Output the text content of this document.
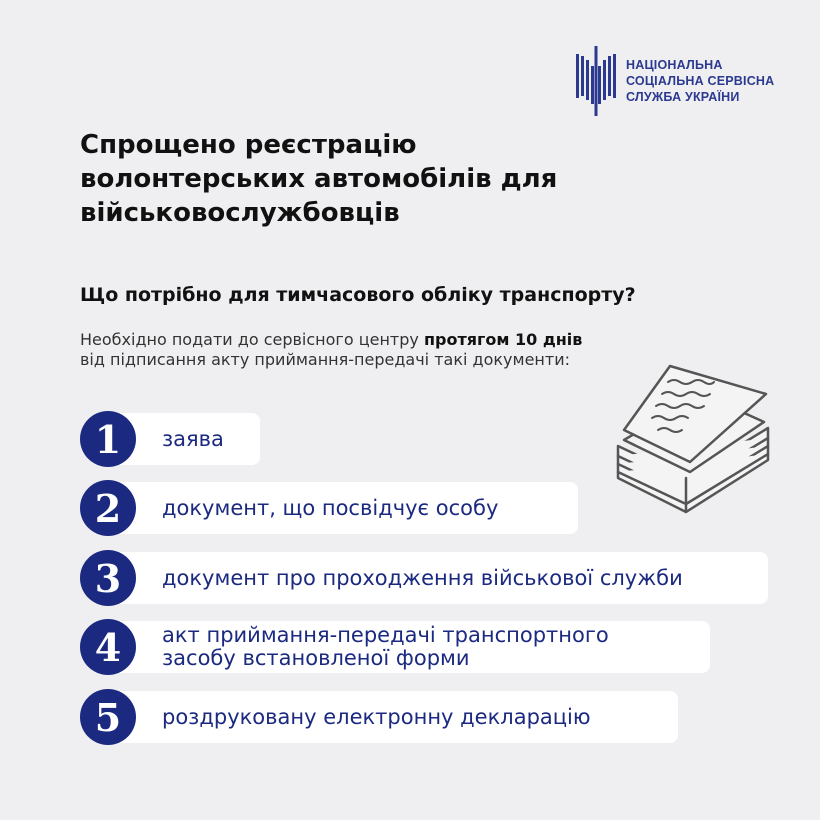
НАЦІОНАЛЬНА
СОЦІАЛЬНА СЕРВІСНА
СЛУЖБА УКРАЇНИ
Спрощено реєстрацію волонтерських автомобілів для військовослужбовців
Що потрібно для тимчасового обліку транспорту?
Необхідно подати до сервісного центру протягом 10 днів
від підписання акту приймання-передачі такі документи:
1	заява
2	документ, що посвідчує особу
3	документ про проходження військової служби
4	акт приймання-передачі транспортного
засобу встановленої форми
5	роздруковану електронну декларацію
